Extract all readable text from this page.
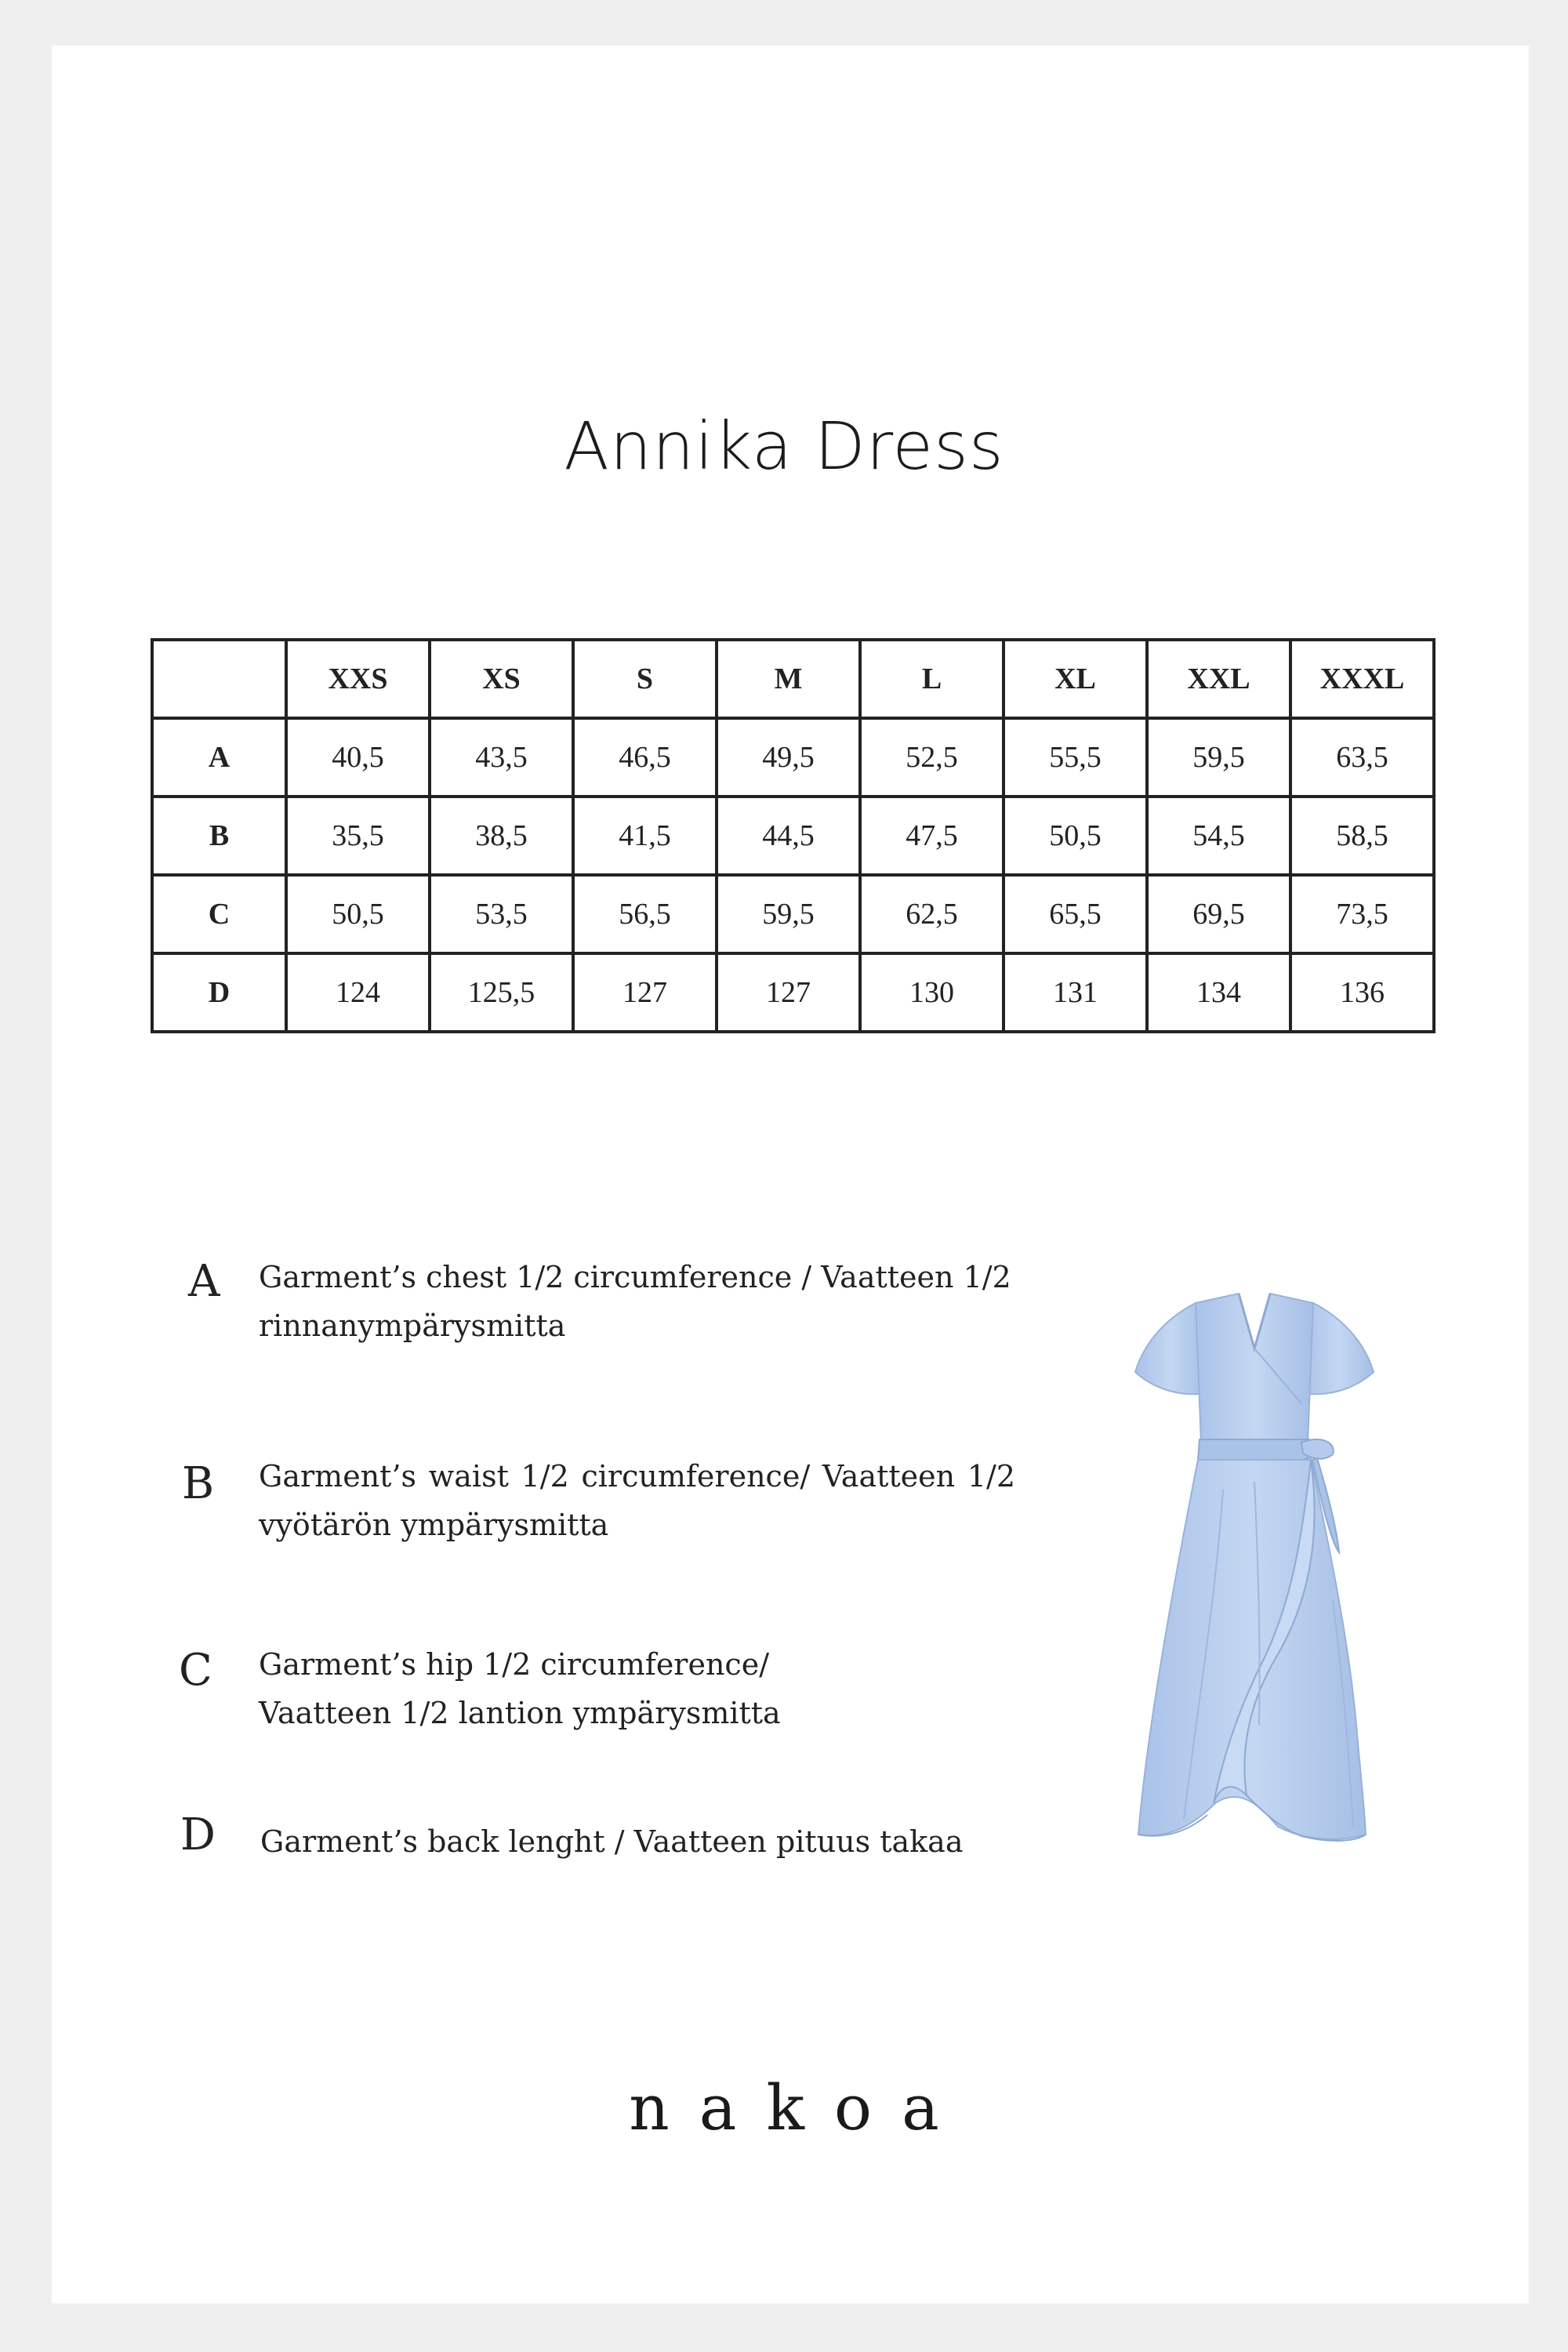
Annika Dress
	XXS	XS	S	M	L	XL	XXL	XXXL
A	40,5	43,5	46,5	49,5	52,5	55,5	59,5	63,5
B	35,5	38,5	41,5	44,5	47,5	50,5	54,5	58,5
C	50,5	53,5	56,5	59,5	62,5	65,5	69,5	73,5
D	124	125,5	127	127	130	131	134	136
A Garment’s chest 1/2 circumference / Vaatteen 1/2
rinnanympärysmitta
B Garment’s waist 1/2 circumference/ Vaatteen 1/2
vyötärön ympärysmitta
C Garment’s hip 1/2 circumference/
Vaatteen 1/2 lantion ympärysmitta
D Garment’s back lenght / Vaatteen pituus takaa
nakoa
